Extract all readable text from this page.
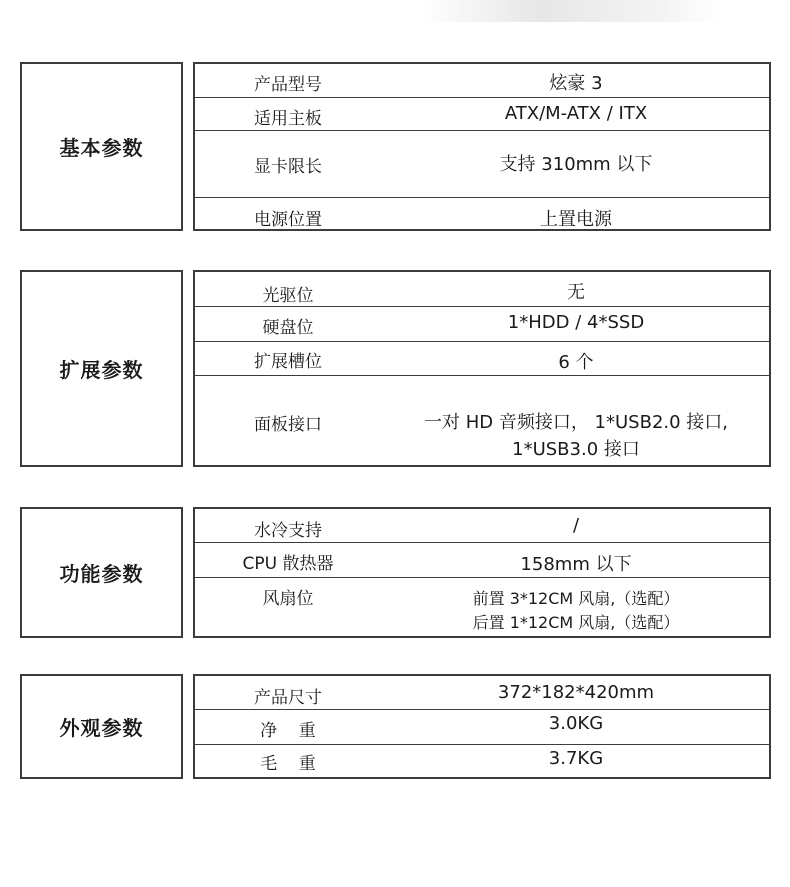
基本参数
产品型号	炫豪 3
适用主板	ATX/M-ATX / ITX
显卡限长	支持 310mm 以下
电源位置	上置电源
扩展参数
光驱位	无
硬盘位	1*HDD / 4*SSD
扩展槽位	6 个
面板接口	一对 HD 音频接口， 1*USB2.0 接口,
1*USB3.0 接口
功能参数
水冷支持	/
CPU 散热器	158mm 以下
风扇位	前置 3*12CM 风扇,（选配）
后置 1*12CM 风扇,（选配）
外观参数
产品尺寸	372*182*420mm
净    重	3.0KG
毛    重	3.7KG
